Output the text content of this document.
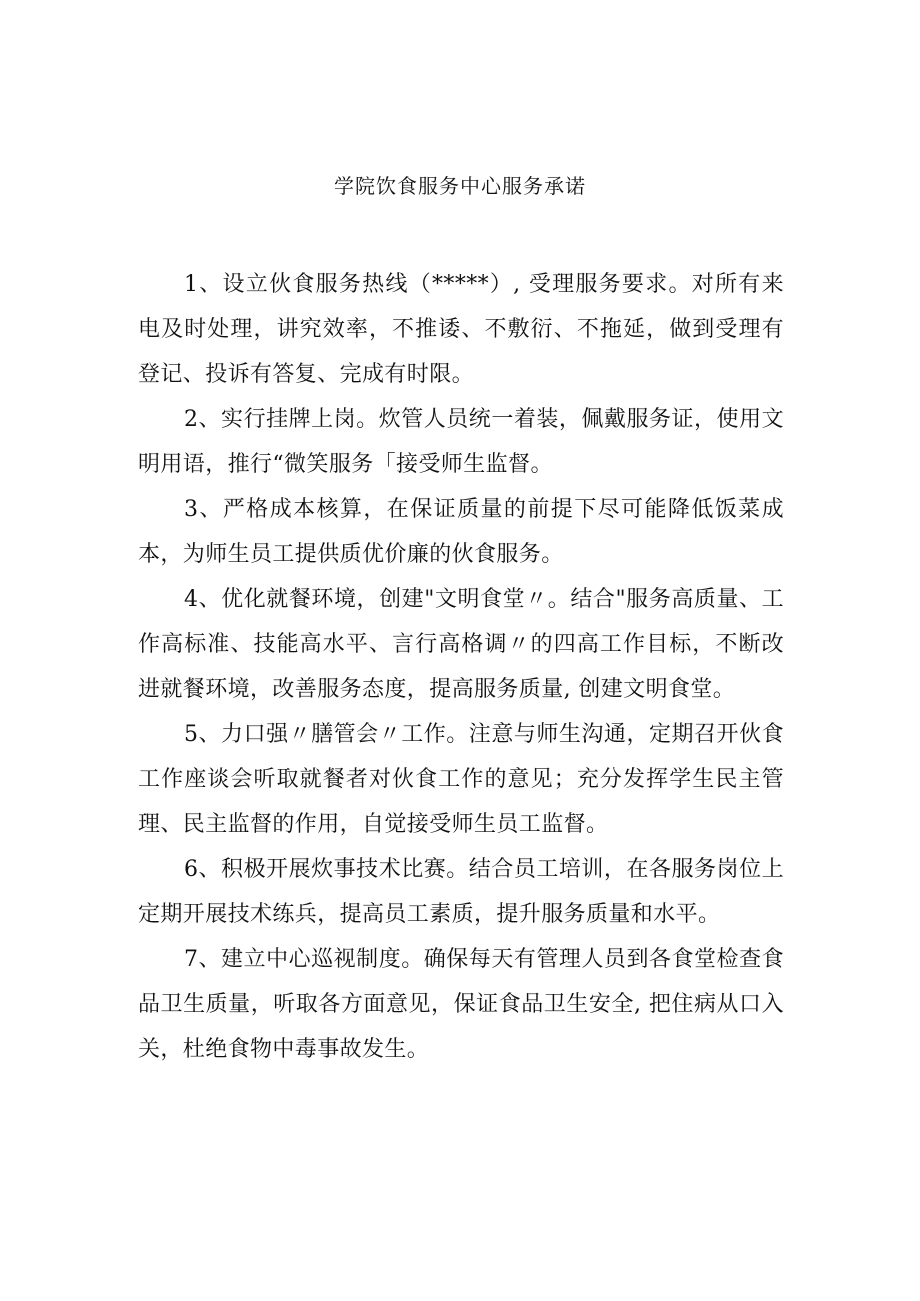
学院饮食服务中心服务承诺

1、设立伙食服务热线（*****）, 受理服务要求。对所有来电及时处理，讲究效率，不推诿、不敷衍、不拖延，做到受理有登记、投诉有答复、完成有时限。

2、实行挂牌上岗。炊管人员统一着装，佩戴服务证，使用文明用语，推行“微笑服务「接受师生监督。

3、严格成本核算，在保证质量的前提下尽可能降低饭菜成本，为师生员工提供质优价廉的伙食服务。

4、优化就餐环境，创建"文明食堂〃。结合"服务高质量、工作高标准、技能高水平、言行高格调〃的四高工作目标，不断改进就餐环境，改善服务态度，提高服务质量, 创建文明食堂。

5、力口强〃膳管会〃工作。注意与师生沟通，定期召开伙食工作座谈会听取就餐者对伙食工作的意见；充分发挥学生民主管理、民主监督的作用，自觉接受师生员工监督。

6、积极开展炊事技术比赛。结合员工培训，在各服务岗位上定期开展技术练兵，提高员工素质，提升服务质量和水平。

7、建立中心巡视制度。确保每天有管理人员到各食堂检查食品卫生质量，听取各方面意见，保证食品卫生安全, 把住病从口入关，杜绝食物中毒事故发生。
